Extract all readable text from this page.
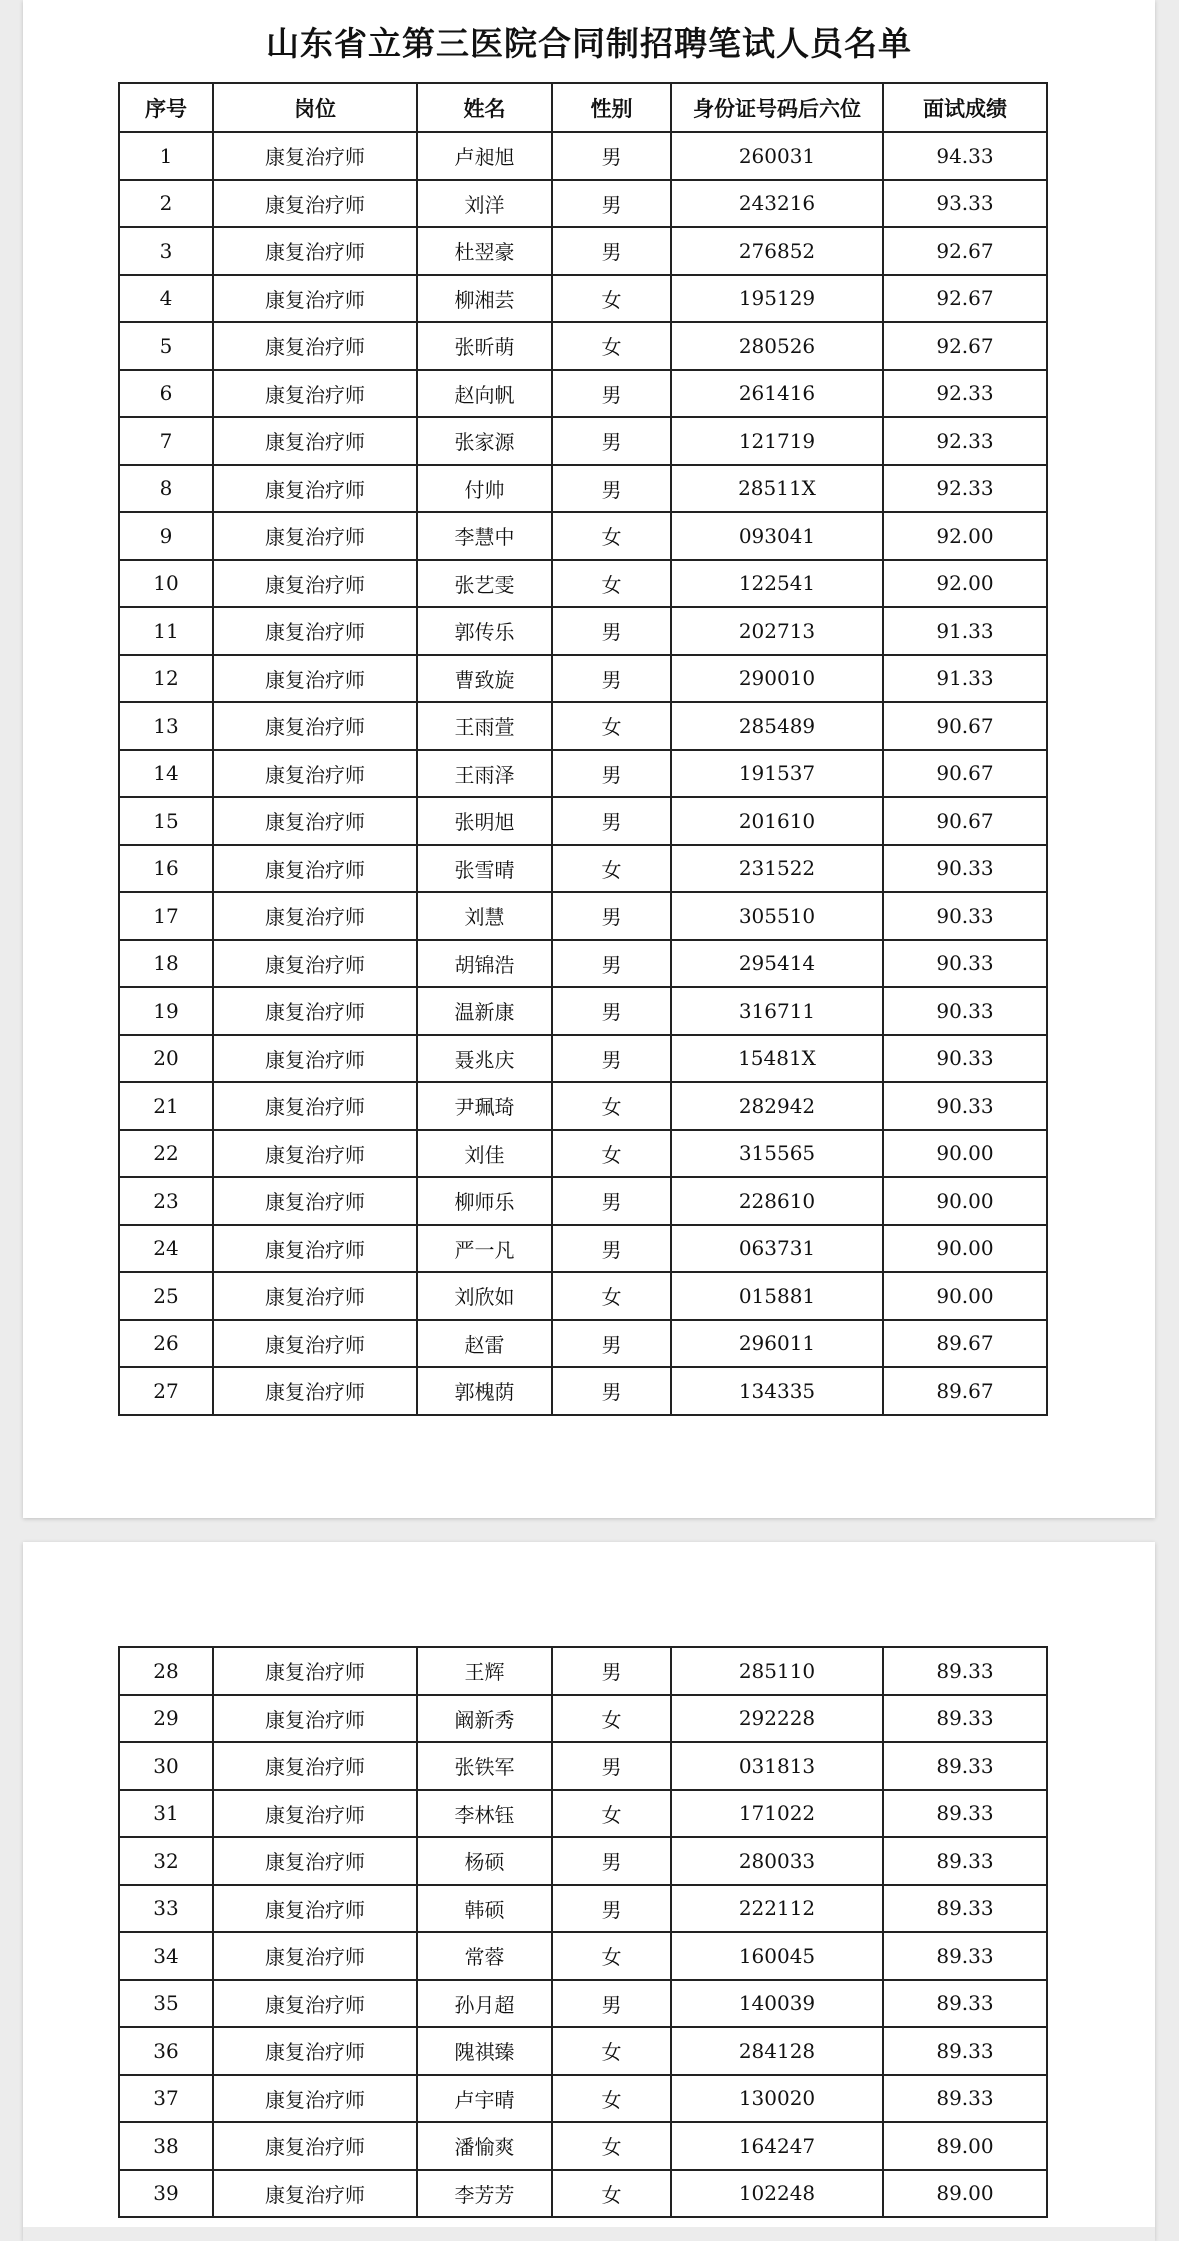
山东省立第三医院合同制招聘笔试人员名单
序号	岗位	姓名	性别	身份证号码后六位	面试成绩
1	康复治疗师	卢昶旭	男	260031	94.33
2	康复治疗师	刘洋	男	243216	93.33
3	康复治疗师	杜翌豪	男	276852	92.67
4	康复治疗师	柳湘芸	女	195129	92.67
5	康复治疗师	张昕萌	女	280526	92.67
6	康复治疗师	赵向帆	男	261416	92.33
7	康复治疗师	张家源	男	121719	92.33
8	康复治疗师	付帅	男	28511X	92.33
9	康复治疗师	李慧中	女	093041	92.00
10	康复治疗师	张艺雯	女	122541	92.00
11	康复治疗师	郭传乐	男	202713	91.33
12	康复治疗师	曹致旋	男	290010	91.33
13	康复治疗师	王雨萱	女	285489	90.67
14	康复治疗师	王雨泽	男	191537	90.67
15	康复治疗师	张明旭	男	201610	90.67
16	康复治疗师	张雪晴	女	231522	90.33
17	康复治疗师	刘慧	男	305510	90.33
18	康复治疗师	胡锦浩	男	295414	90.33
19	康复治疗师	温新康	男	316711	90.33
20	康复治疗师	聂兆庆	男	15481X	90.33
21	康复治疗师	尹珮琦	女	282942	90.33
22	康复治疗师	刘佳	女	315565	90.00
23	康复治疗师	柳师乐	男	228610	90.00
24	康复治疗师	严一凡	男	063731	90.00
25	康复治疗师	刘欣如	女	015881	90.00
26	康复治疗师	赵雷	男	296011	89.67
27	康复治疗师	郭槐荫	男	134335	89.67
28	康复治疗师	王辉	男	285110	89.33
29	康复治疗师	阚新秀	女	292228	89.33
30	康复治疗师	张铁军	男	031813	89.33
31	康复治疗师	李林钰	女	171022	89.33
32	康复治疗师	杨硕	男	280033	89.33
33	康复治疗师	韩硕	男	222112	89.33
34	康复治疗师	常蓉	女	160045	89.33
35	康复治疗师	孙月超	男	140039	89.33
36	康复治疗师	隗祺臻	女	284128	89.33
37	康复治疗师	卢宇晴	女	130020	89.33
38	康复治疗师	潘愉爽	女	164247	89.00
39	康复治疗师	李芳芳	女	102248	89.00
